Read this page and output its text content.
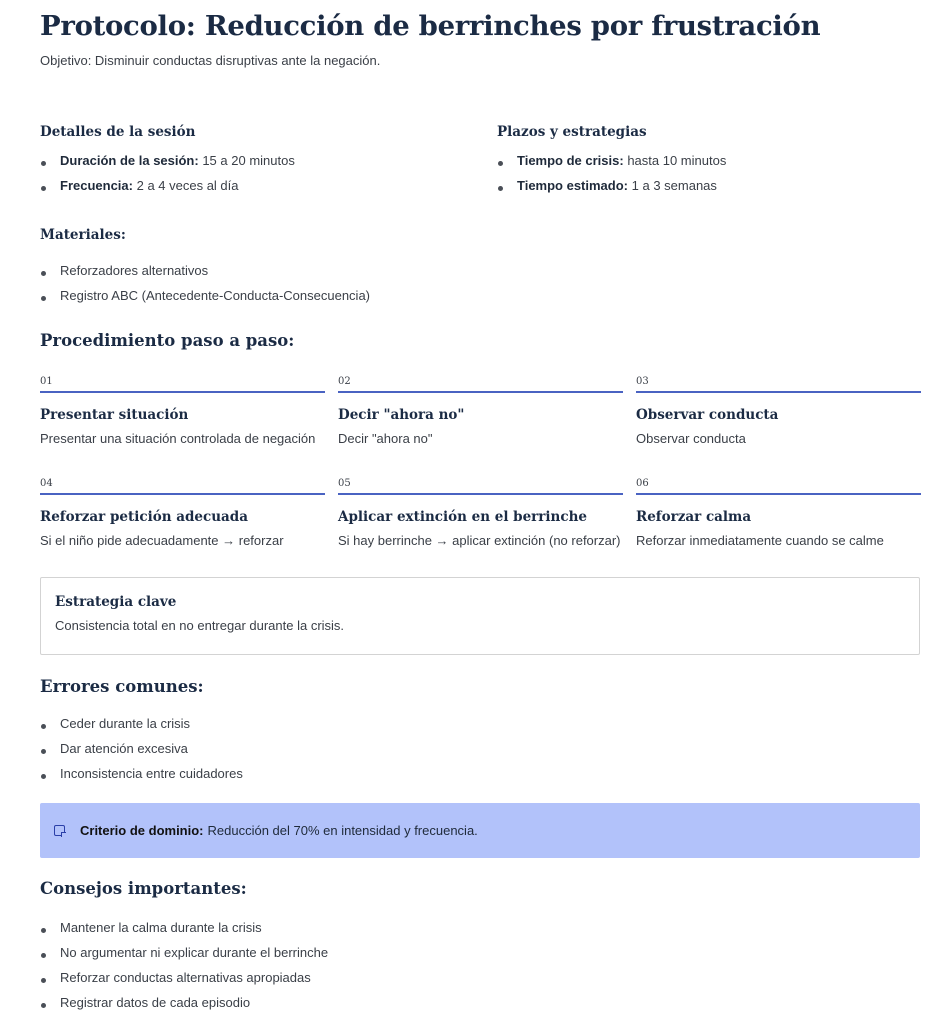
Protocolo: Reducción de berrinches por frustración

Objetivo: Disminuir conductas disruptivas ante la negación.

Detalles de la sesión
Duración de la sesión: 15 a 20 minutos
Frecuencia: 2 a 4 veces al día
Plazos y estrategias
Tiempo de crisis: hasta 10 minutos
Tiempo estimado: 1 a 3 semanas
Materiales:
Reforzadores alternativos
Registro ABC (Antecedente-Conducta-Consecuencia)
Procedimiento paso a paso:
01
Presentar situación
Presentar una situación controlada de negación
02
Decir "ahora no"
Decir "ahora no"
03
Observar conducta
Observar conducta
04
Reforzar petición adecuada
Si el niño pide adecuadamente → reforzar
05
Aplicar extinción en el berrinche
Si hay berrinche → aplicar extinción (no reforzar)
06
Reforzar calma
Reforzar inmediatamente cuando se calme
Estrategia clave
Consistencia total en no entregar durante la crisis.
Errores comunes:
Ceder durante la crisis
Dar atención excesiva
Inconsistencia entre cuidadores
Criterio de dominio: Reducción del 70% en intensidad y frecuencia.
Consejos importantes:
Mantener la calma durante la crisis
No argumentar ni explicar durante el berrinche
Reforzar conductas alternativas apropiadas
Registrar datos de cada episodio
